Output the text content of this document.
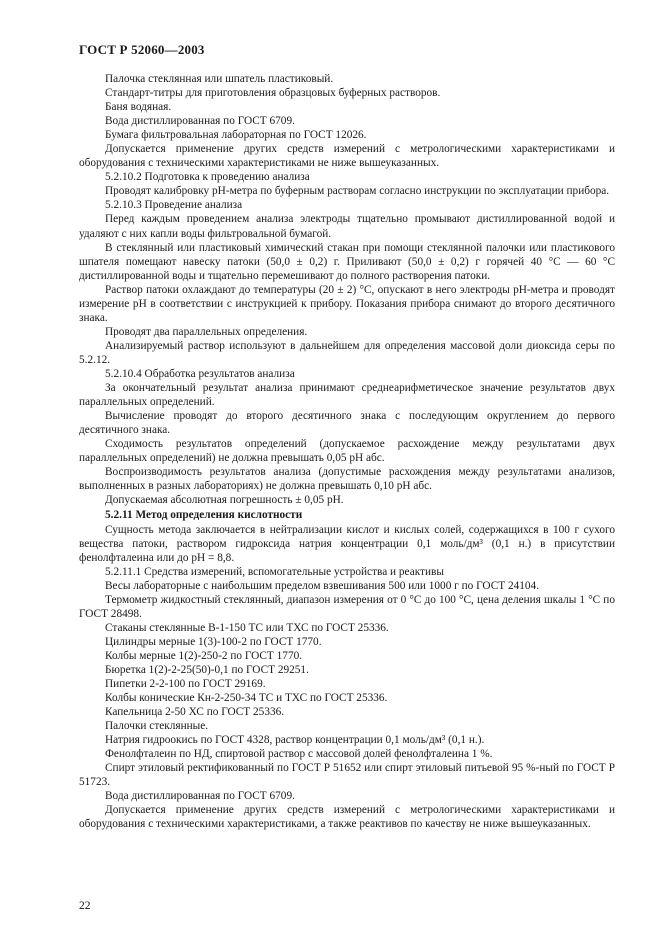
ГОСТ Р 52060—2003

Палочка стеклянная или шпатель пластиковый.

Стандарт-титры для приготовления образцовых буферных растворов.

Баня водяная.

Вода дистиллированная по ГОСТ 6709.

Бумага фильтровальная лабораторная по ГОСТ 12026.

Допускается применение других средств измерений с метрологическими характеристиками и оборудования с техническими характеристиками не ниже вышеуказанных.

5.2.10.2 Подготовка к проведению анализа

Проводят калибровку pH-метра по буферным растворам согласно инструкции по эксплуатации прибора.

5.2.10.3 Проведение анализа

Перед каждым проведением анализа электроды тщательно промывают дистиллированной водой и удаляют с них капли воды фильтровальной бумагой.

В стеклянный или пластиковый химический стакан при помощи стеклянной палочки или пластикового шпателя помещают навеску патоки (50,0 ± 0,2) г. Приливают (50,0 ± 0,2) г горячей 40 °С — 60 °С дистиллированной воды и тщательно перемешивают до полного растворения патоки.

Раствор патоки охлаждают до температуры (20 ± 2) °С, опускают в него электроды pH-метра и проводят измерение pH в соответствии с инструкцией к прибору. Показания прибора снимают до второго десятичного знака.

Проводят два параллельных определения.

Анализируемый раствор используют в дальнейшем для определения массовой доли диоксида серы по 5.2.12.

5.2.10.4 Обработка результатов анализа

За окончательный результат анализа принимают среднеарифметическое значение результатов двух параллельных определений.

Вычисление проводят до второго десятичного знака с последующим округлением до первого десятичного знака.

Сходимость результатов определений (допускаемое расхождение между результатами двух параллельных определений) не должна превышать 0,05 pH абс.

Воспроизводимость результатов анализа (допустимые расхождения между результатами анализов, выполненных в разных лабораториях) не должна превышать 0,10 pH абс.

Допускаемая абсолютная погрешность ± 0,05 pH.

5.2.11 Метод определения кислотности

Сущность метода заключается в нейтрализации кислот и кислых солей, содержащихся в 100 г сухого вещества патоки, раствором гидроксида натрия концентрации 0,1 моль/дм³ (0,1 н.) в присутствии фенолфталеина или до pH = 8,8.

5.2.11.1 Средства измерений, вспомогательные устройства и реактивы

Весы лабораторные с наибольшим пределом взвешивания 500 или 1000 г по ГОСТ 24104.

Термометр жидкостный стеклянный, диапазон измерения от 0 °С до 100 °С, цена деления шкалы 1 °С по ГОСТ 28498.

Стаканы стеклянные В-1-150 ТС или ТХС по ГОСТ 25336.

Цилиндры мерные 1(3)-100-2 по ГОСТ 1770.

Колбы мерные 1(2)-250-2 по ГОСТ 1770.

Бюретка 1(2)-2-25(50)-0,1 по ГОСТ 29251.

Пипетки 2-2-100 по ГОСТ 29169.

Колбы конические Кн-2-250-34 ТС и ТХС по ГОСТ 25336.

Капельница 2-50 ХС по ГОСТ 25336.

Палочки стеклянные.

Натрия гидроокись по ГОСТ 4328, раствор концентрации 0,1 моль/дм³ (0,1 н.).

Фенолфталеин по НД, спиртовой раствор с массовой долей фенолфталеина 1 %.

Спирт этиловый ректификованный по ГОСТ Р 51652 или спирт этиловый питьевой 95 %-ный по ГОСТ Р 51723.

Вода дистиллированная по ГОСТ 6709.

Допускается применение других средств измерений с метрологическими характеристиками и оборудования с техническими характеристиками, а также реактивов по качеству не ниже вышеуказанных.

22
